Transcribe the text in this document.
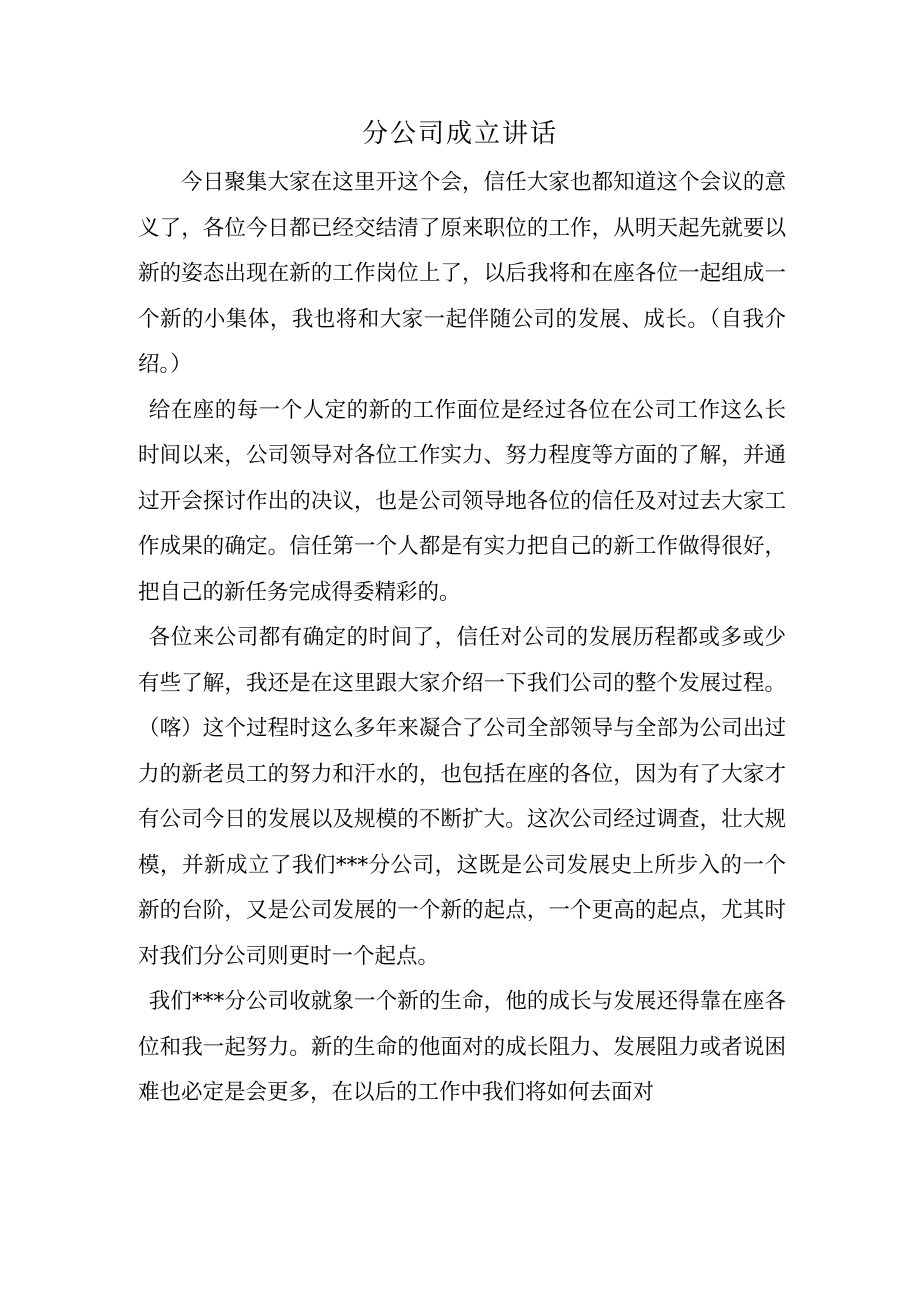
分公司成立讲话

今日聚集大家在这里开这个会，信任大家也都知道这个会议的意义了，各位今日都已经交结清了原来职位的工作，从明天起先就要以新的姿态出现在新的工作岗位上了，以后我将和在座各位一起组成一个新的小集体，我也将和大家一起伴随公司的发展、成长。（自我介绍。）

给在座的每一个人定的新的工作面位是经过各位在公司工作这么长时间以来，公司领导对各位工作实力、努力程度等方面的了解，并通过开会探讨作出的决议，也是公司领导地各位的信任及对过去大家工作成果的确定。信任第一个人都是有实力把自己的新工作做得很好，把自己的新任务完成得委精彩的。

各位来公司都有确定的时间了，信任对公司的发展历程都或多或少有些了解，我还是在这里跟大家介绍一下我们公司的整个发展过程。（喀）这个过程时这么多年来凝合了公司全部领导与全部为公司出过力的新老员工的努力和汗水的，也包括在座的各位，因为有了大家才有公司今日的发展以及规模的不断扩大。这次公司经过调查，壮大规模，并新成立了我们***分公司，这既是公司发展史上所步入的一个新的台阶，又是公司发展的一个新的起点，一个更高的起点，尤其时对我们分公司则更时一个起点。

我们***分公司收就象一个新的生命，他的成长与发展还得靠在座各位和我一起努力。新的生命的他面对的成长阻力、发展阻力或者说困难也必定是会更多，在以后的工作中我们将如何去面对
